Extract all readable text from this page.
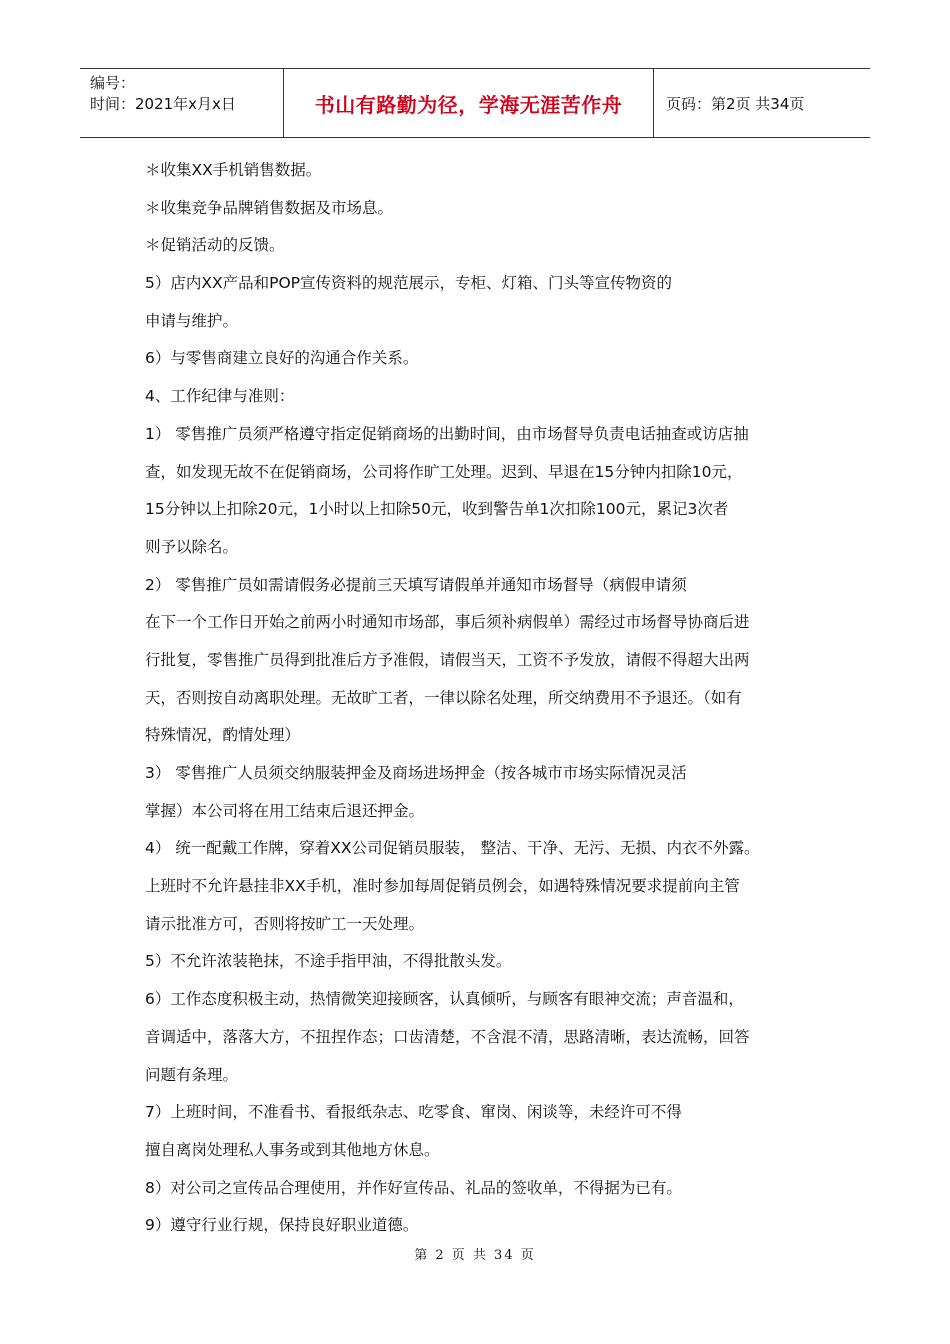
编号：
时间：2021年x月x日	书山有路勤为径，学海无涯苦作舟	页码：第2页 共34页
＊收集XX手机销售数据。
＊收集竞争品牌销售数据及市场息。
＊促销活动的反馈。
5）店内XX产品和POP宣传资料的规范展示，专柜、灯箱、门头等宣传物资的
申请与维护。
6）与零售商建立良好的沟通合作关系。
4、工作纪律与准则：
1） 零售推广员须严格遵守指定促销商场的出勤时间，由市场督导负责电话抽查或访店抽
查，如发现无故不在促销商场，公司将作旷工处理。迟到、早退在15分钟内扣除10元，
15分钟以上扣除20元，1小时以上扣除50元，收到警告单1次扣除100元，累记3次者
则予以除名。
2） 零售推广员如需请假务必提前三天填写请假单并通知市场督导（病假申请须
在下一个工作日开始之前两小时通知市场部，事后须补病假单）需经过市场督导协商后进
行批复，零售推广员得到批准后方予准假，请假当天，工资不予发放，请假不得超大出两
天，否则按自动离职处理。无故旷工者，一律以除名处理，所交纳费用不予退还。（如有
特殊情况，酌情处理）
3） 零售推广人员须交纳服装押金及商场进场押金（按各城市市场实际情况灵活
掌握）本公司将在用工结束后退还押金。
4） 统一配戴工作牌，穿着XX公司促销员服装， 整洁、干净、无污、无损、内衣不外露。
上班时不允许悬挂非XX手机，准时参加每周促销员例会，如遇特殊情况要求提前向主管
请示批准方可，否则将按旷工一天处理。
5）不允许浓装艳抹，不途手指甲油，不得批散头发。
6）工作态度积极主动，热情微笑迎接顾客，认真倾听，与顾客有眼神交流；声音温和，
音调适中，落落大方，不扭捏作态；口齿清楚，不含混不清，思路清晰，表达流畅，回答
问题有条理。
7）上班时间，不准看书、看报纸杂志、吃零食、窜岗、闲谈等，未经许可不得
擅自离岗处理私人事务或到其他地方休息。
8）对公司之宣传品合理使用，并作好宣传品、礼品的签收单，不得据为已有。
9）遵守行业行规，保持良好职业道德。
第 2 页 共 34 页
